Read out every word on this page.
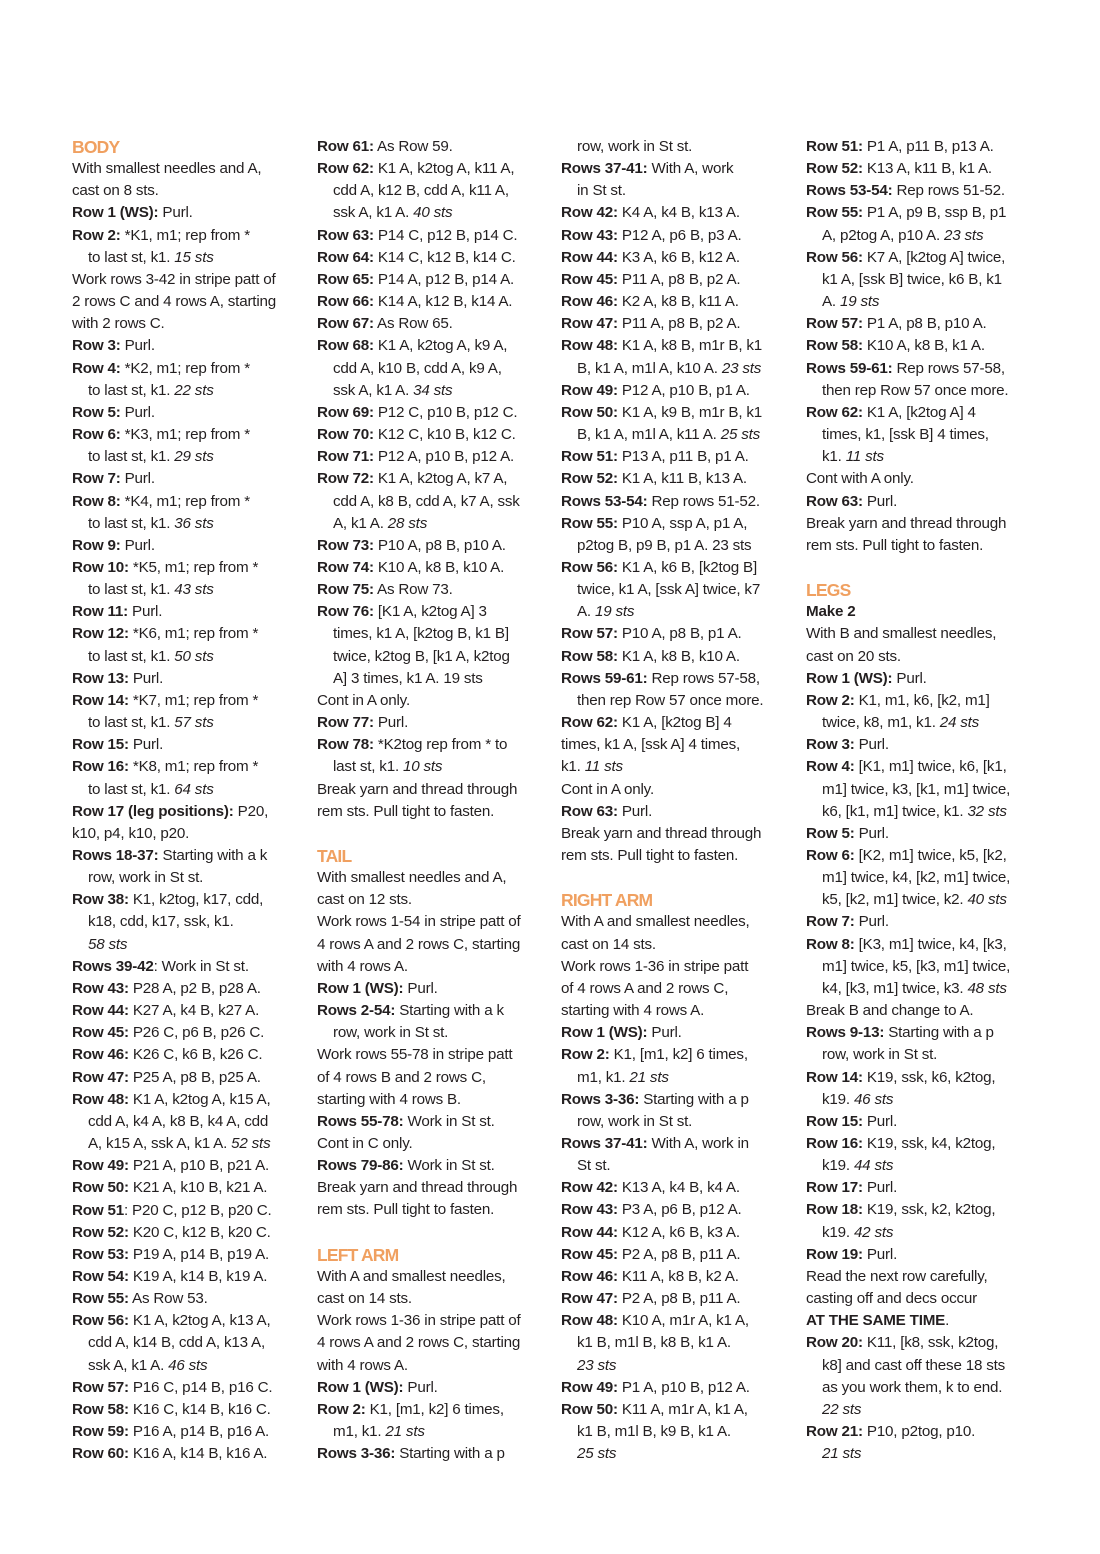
BODY
With smallest needles and A,
cast on 8 sts.
Row 1 (WS): Purl.
Row 2: *K1, m1; rep from *
to last st, k1. 15 sts
Work rows 3-42 in stripe patt of
2 rows C and 4 rows A, starting
with 2 rows C.
Row 3: Purl.
Row 4: *K2, m1; rep from *
to last st, k1. 22 sts
Row 5: Purl.
Row 6: *K3, m1; rep from *
to last st, k1. 29 sts
Row 7: Purl.
Row 8: *K4, m1; rep from *
to last st, k1. 36 sts
Row 9: Purl.
Row 10: *K5, m1; rep from *
to last st, k1. 43 sts
Row 11: Purl.
Row 12: *K6, m1; rep from *
to last st, k1. 50 sts
Row 13: Purl.
Row 14: *K7, m1; rep from *
to last st, k1. 57 sts
Row 15: Purl.
Row 16: *K8, m1; rep from *
to last st, k1. 64 sts
Row 17 (leg positions): P20,
k10, p4, k10, p20.
Rows 18-37: Starting with a k
row, work in St st.
Row 38: K1, k2tog, k17, cdd,
k18, cdd, k17, ssk, k1.
58 sts
Rows 39-42: Work in St st.
Row 43: P28 A, p2 B, p28 A.
Row 44: K27 A, k4 B, k27 A.
Row 45: P26 C, p6 B, p26 C.
Row 46: K26 C, k6 B, k26 C.
Row 47: P25 A, p8 B, p25 A.
Row 48: K1 A, k2tog A, k15 A,
cdd A, k4 A, k8 B, k4 A, cdd
A, k15 A, ssk A, k1 A. 52 sts
Row 49: P21 A, p10 B, p21 A.
Row 50: K21 A, k10 B, k21 A.
Row 51: P20 C, p12 B, p20 C.
Row 52: K20 C, k12 B, k20 C.
Row 53: P19 A, p14 B, p19 A.
Row 54: K19 A, k14 B, k19 A.
Row 55: As Row 53.
Row 56: K1 A, k2tog A, k13 A,
cdd A, k14 B, cdd A, k13 A,
ssk A, k1 A. 46 sts
Row 57: P16 C, p14 B, p16 C.
Row 58: K16 C, k14 B, k16 C.
Row 59: P16 A, p14 B, p16 A.
Row 60: K16 A, k14 B, k16 A.
Row 61: As Row 59.
Row 62: K1 A, k2tog A, k11 A,
cdd A, k12 B, cdd A, k11 A,
ssk A, k1 A. 40 sts
Row 63: P14 C, p12 B, p14 C.
Row 64: K14 C, k12 B, k14 C.
Row 65: P14 A, p12 B, p14 A.
Row 66: K14 A, k12 B, k14 A.
Row 67: As Row 65.
Row 68: K1 A, k2tog A, k9 A,
cdd A, k10 B, cdd A, k9 A,
ssk A, k1 A. 34 sts
Row 69: P12 C, p10 B, p12 C.
Row 70: K12 C, k10 B, k12 C.
Row 71: P12 A, p10 B, p12 A.
Row 72: K1 A, k2tog A, k7 A,
cdd A, k8 B, cdd A, k7 A, ssk
A, k1 A. 28 sts
Row 73: P10 A, p8 B, p10 A.
Row 74: K10 A, k8 B, k10 A.
Row 75: As Row 73.
Row 76: [K1 A, k2tog A] 3
times, k1 A, [k2tog B, k1 B]
twice, k2tog B, [k1 A, k2tog
A] 3 times, k1 A. 19 sts
Cont in A only.
Row 77: Purl.
Row 78: *K2tog rep from * to
last st, k1. 10 sts
Break yarn and thread through
rem sts. Pull tight to fasten.
TAIL
With smallest needles and A,
cast on 12 sts.
Work rows 1-54 in stripe patt of
4 rows A and 2 rows C, starting
with 4 rows A.
Row 1 (WS): Purl.
Rows 2-54: Starting with a k
row, work in St st.
Work rows 55-78 in stripe patt
of 4 rows B and 2 rows C,
starting with 4 rows B.
Rows 55-78: Work in St st.
Cont in C only.
Rows 79-86: Work in St st.
Break yarn and thread through
rem sts. Pull tight to fasten.
LEFT ARM
With A and smallest needles,
cast on 14 sts.
Work rows 1-36 in stripe patt of
4 rows A and 2 rows C, starting
with 4 rows A.
Row 1 (WS): Purl.
Row 2: K1, [m1, k2] 6 times,
m1, k1. 21 sts
Rows 3-36: Starting with a p
row, work in St st.
Rows 37-41: With A, work
in St st.
Row 42: K4 A, k4 B, k13 A.
Row 43: P12 A, p6 B, p3 A.
Row 44: K3 A, k6 B, k12 A.
Row 45: P11 A, p8 B, p2 A.
Row 46: K2 A, k8 B, k11 A.
Row 47: P11 A, p8 B, p2 A.
Row 48: K1 A, k8 B, m1r B, k1
B, k1 A, m1l A, k10 A. 23 sts
Row 49: P12 A, p10 B, p1 A.
Row 50: K1 A, k9 B, m1r B, k1
B, k1 A, m1l A, k11 A. 25 sts
Row 51: P13 A, p11 B, p1 A.
Row 52: K1 A, k11 B, k13 A.
Rows 53-54: Rep rows 51-52.
Row 55: P10 A, ssp A, p1 A,
p2tog B, p9 B, p1 A. 23 sts
Row 56: K1 A, k6 B, [k2tog B]
twice, k1 A, [ssk A] twice, k7
A. 19 sts
Row 57: P10 A, p8 B, p1 A.
Row 58: K1 A, k8 B, k10 A.
Rows 59-61: Rep rows 57-58,
then rep Row 57 once more.
Row 62: K1 A, [k2tog B] 4
times, k1 A, [ssk A] 4 times,
k1. 11 sts
Cont in A only.
Row 63: Purl.
Break yarn and thread through
rem sts. Pull tight to fasten.
RIGHT ARM
With A and smallest needles,
cast on 14 sts.
Work rows 1-36 in stripe patt
of 4 rows A and 2 rows C,
starting with 4 rows A.
Row 1 (WS): Purl.
Row 2: K1, [m1, k2] 6 times,
m1, k1. 21 sts
Rows 3-36: Starting with a p
row, work in St st.
Rows 37-41: With A, work in
St st.
Row 42: K13 A, k4 B, k4 A.
Row 43: P3 A, p6 B, p12 A.
Row 44: K12 A, k6 B, k3 A.
Row 45: P2 A, p8 B, p11 A.
Row 46: K11 A, k8 B, k2 A.
Row 47: P2 A, p8 B, p11 A.
Row 48: K10 A, m1r A, k1 A,
k1 B, m1l B, k8 B, k1 A.
23 sts
Row 49: P1 A, p10 B, p12 A.
Row 50: K11 A, m1r A, k1 A,
k1 B, m1l B, k9 B, k1 A.
25 sts
Row 51: P1 A, p11 B, p13 A.
Row 52: K13 A, k11 B, k1 A.
Rows 53-54: Rep rows 51-52.
Row 55: P1 A, p9 B, ssp B, p1
A, p2tog A, p10 A. 23 sts
Row 56: K7 A, [k2tog A] twice,
k1 A, [ssk B] twice, k6 B, k1
A. 19 sts
Row 57: P1 A, p8 B, p10 A.
Row 58: K10 A, k8 B, k1 A.
Rows 59-61: Rep rows 57-58,
then rep Row 57 once more.
Row 62: K1 A, [k2tog A] 4
times, k1, [ssk B] 4 times,
k1. 11 sts
Cont with A only.
Row 63: Purl.
Break yarn and thread through
rem sts. Pull tight to fasten.
LEGS
Make 2
With B and smallest needles,
cast on 20 sts.
Row 1 (WS): Purl.
Row 2: K1, m1, k6, [k2, m1]
twice, k8, m1, k1. 24 sts
Row 3: Purl.
Row 4: [K1, m1] twice, k6, [k1,
m1] twice, k3, [k1, m1] twice,
k6, [k1, m1] twice, k1. 32 sts
Row 5: Purl.
Row 6: [K2, m1] twice, k5, [k2,
m1] twice, k4, [k2, m1] twice,
k5, [k2, m1] twice, k2. 40 sts
Row 7: Purl.
Row 8: [K3, m1] twice, k4, [k3,
m1] twice, k5, [k3, m1] twice,
k4, [k3, m1] twice, k3. 48 sts
Break B and change to A.
Rows 9-13: Starting with a p
row, work in St st.
Row 14: K19, ssk, k6, k2tog,
k19. 46 sts
Row 15: Purl.
Row 16: K19, ssk, k4, k2tog,
k19. 44 sts
Row 17: Purl.
Row 18: K19, ssk, k2, k2tog,
k19. 42 sts
Row 19: Purl.
Read the next row carefully,
casting off and decs occur
AT THE SAME TIME.
Row 20: K11, [k8, ssk, k2tog,
k8] and cast off these 18 sts
as you work them, k to end.
22 sts
Row 21: P10, p2tog, p10.
21 sts
